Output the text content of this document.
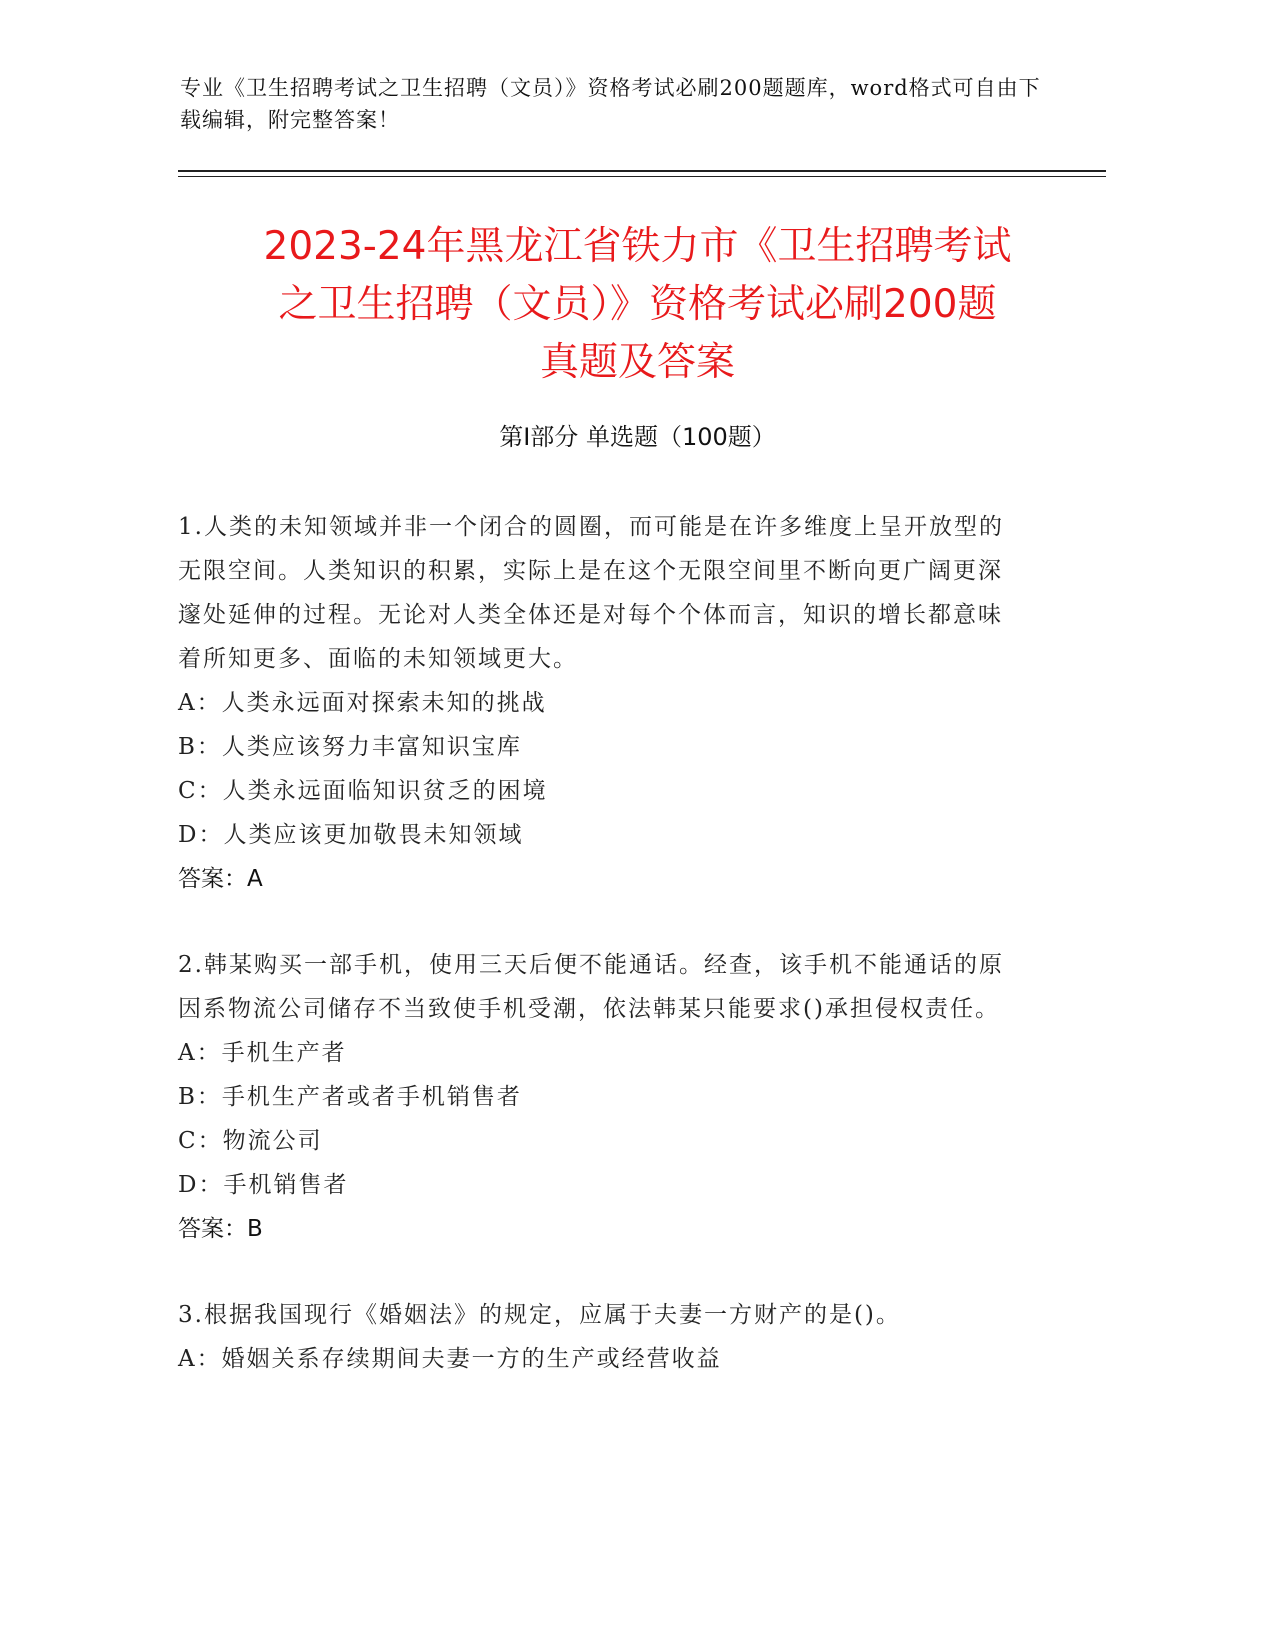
专业《卫生招聘考试之卫生招聘（文员）》资格考试必刷200题题库，word格式可自由下载编辑，附完整答案！
2023-24年黑龙江省铁力市《卫生招聘考试
之卫生招聘（文员）》资格考试必刷200题
真题及答案
第I部分 单选题（100题）

1.人类的未知领域并非一个闭合的圆圈，而可能是在许多维度上呈开放型的无限空间。人类知识的积累，实际上是在这个无限空间里不断向更广阔更深邃处延伸的过程。无论对人类全体还是对每个个体而言，知识的增长都意味着所知更多、面临的未知领域更大。

A：人类永远面对探索未知的挑战

B：人类应该努力丰富知识宝库

C：人类永远面临知识贫乏的困境

D：人类应该更加敬畏未知领域

答案：A

2.韩某购买一部手机，使用三天后便不能通话。经查，该手机不能通话的原因系物流公司储存不当致使手机受潮，依法韩某只能要求()承担侵权责任。

A：手机生产者

B：手机生产者或者手机销售者

C：物流公司

D：手机销售者

答案：B

3.根据我国现行《婚姻法》的规定，应属于夫妻一方财产的是()。

A：婚姻关系存续期间夫妻一方的生产或经营收益
